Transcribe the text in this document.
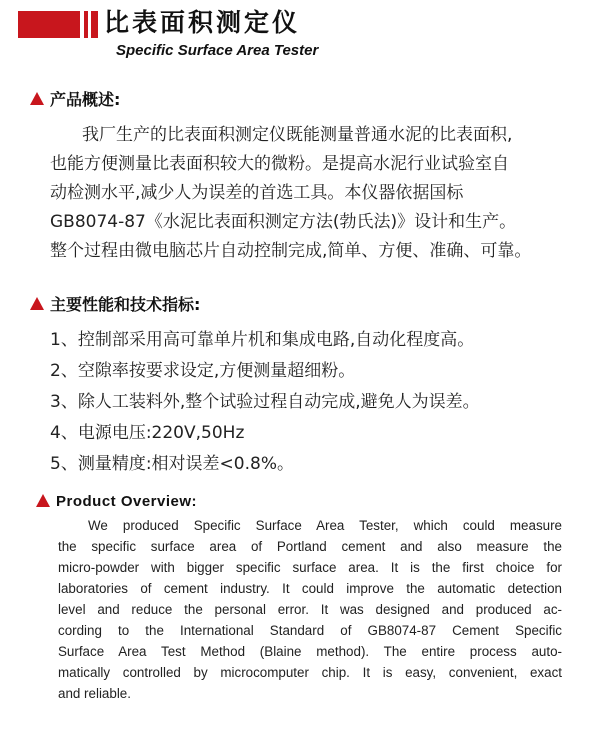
比表面积测定仪
Specific Surface Area Tester
产品概述:
我厂生产的比表面积测定仪既能测量普通水泥的比表面积,
也能方便测量比表面积较大的微粉。是提高水泥行业试验室自
动检测水平,减少人为误差的首选工具。本仪器依据国标
GB8074-87《水泥比表面积测定方法(勃氏法)》设计和生产。
整个过程由微电脑芯片自动控制完成,简单、方便、准确、可靠。
主要性能和技术指标:
1、控制部采用高可靠单片机和集成电路,自动化程度高。
2、空隙率按要求设定,方便测量超细粉。
3、除人工装料外,整个试验过程自动完成,避免人为误差。
4、电源电压:220V,50Hz
5、测量精度:相对误差<0.8%。
Product Overview:
We produced Specific Surface Area Tester, which could measure
the specific surface area of Portland cement and also measure the
micro-powder with bigger specific surface area. It is the first choice for
laboratories of cement industry. It could improve the automatic detection
level and reduce the personal error. It was designed and produced ac-
cording to the International Standard of GB8074-87 Cement Specific
Surface Area Test Method (Blaine method). The entire process auto-
matically controlled by microcomputer chip. It is easy, convenient, exact
and reliable.
